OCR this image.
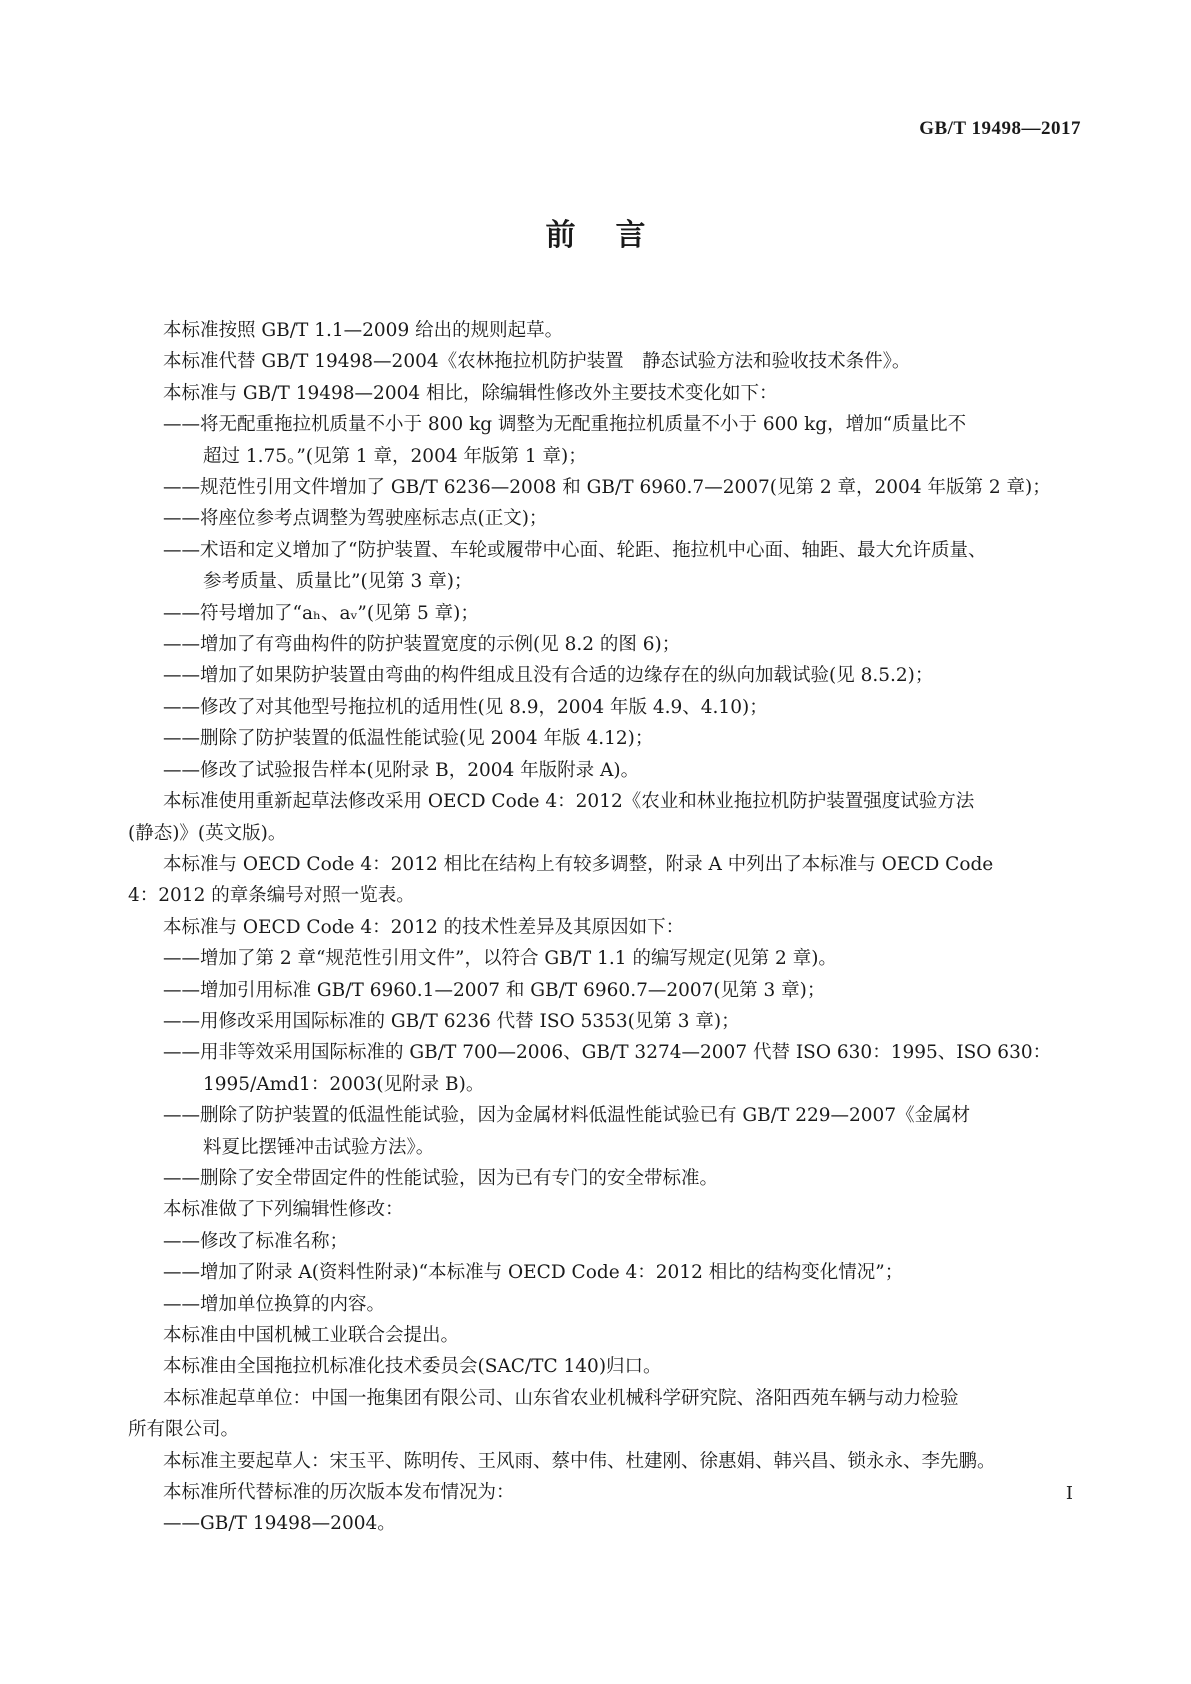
GB/T 19498—2017
前言
本标准按照 GB/T 1.1—2009 给出的规则起草。
本标准代替 GB/T 19498—2004《农林拖拉机防护装置　静态试验方法和验收技术条件》。
本标准与 GB/T 19498—2004 相比，除编辑性修改外主要技术变化如下：
——将无配重拖拉机质量不小于 800 kg 调整为无配重拖拉机质量不小于 600 kg，增加“质量比不
超过 1.75。”(见第 1 章，2004 年版第 1 章)；
——规范性引用文件增加了 GB/T 6236—2008 和 GB/T 6960.7—2007(见第 2 章，2004 年版第 2 章)；
——将座位参考点调整为驾驶座标志点(正文)；
——术语和定义增加了“防护装置、车轮或履带中心面、轮距、拖拉机中心面、轴距、最大允许质量、
参考质量、质量比”(见第 3 章)；
——符号增加了“aₕ、aᵥ”(见第 5 章)；
——增加了有弯曲构件的防护装置宽度的示例(见 8.2 的图 6)；
——增加了如果防护装置由弯曲的构件组成且没有合适的边缘存在的纵向加载试验(见 8.5.2)；
——修改了对其他型号拖拉机的适用性(见 8.9，2004 年版 4.9、4.10)；
——删除了防护装置的低温性能试验(见 2004 年版 4.12)；
——修改了试验报告样本(见附录 B，2004 年版附录 A)。
本标准使用重新起草法修改采用 OECD Code 4：2012《农业和林业拖拉机防护装置强度试验方法
(静态)》(英文版)。
本标准与 OECD Code 4：2012 相比在结构上有较多调整，附录 A 中列出了本标准与 OECD Code
4：2012 的章条编号对照一览表。
本标准与 OECD Code 4：2012 的技术性差异及其原因如下：
——增加了第 2 章“规范性引用文件”，以符合 GB/T 1.1 的编写规定(见第 2 章)。
——增加引用标准 GB/T 6960.1—2007 和 GB/T 6960.7—2007(见第 3 章)；
——用修改采用国际标准的 GB/T 6236 代替 ISO 5353(见第 3 章)；
——用非等效采用国际标准的 GB/T 700—2006、GB/T 3274—2007 代替 ISO 630：1995、ISO 630：
1995/Amd1：2003(见附录 B)。
——删除了防护装置的低温性能试验，因为金属材料低温性能试验已有 GB/T 229—2007《金属材
料夏比摆锤冲击试验方法》。
——删除了安全带固定件的性能试验，因为已有专门的安全带标准。
本标准做了下列编辑性修改：
——修改了标准名称；
——增加了附录 A(资料性附录)“本标准与 OECD Code 4：2012 相比的结构变化情况”；
——增加单位换算的内容。
本标准由中国机械工业联合会提出。
本标准由全国拖拉机标准化技术委员会(SAC/TC 140)归口。
本标准起草单位：中国一拖集团有限公司、山东省农业机械科学研究院、洛阳西苑车辆与动力检验
所有限公司。
本标准主要起草人：宋玉平、陈明传、王风雨、蔡中伟、杜建刚、徐惠娟、韩兴昌、锁永永、李先鹏。
本标准所代替标准的历次版本发布情况为：
——GB/T 19498—2004。
I
